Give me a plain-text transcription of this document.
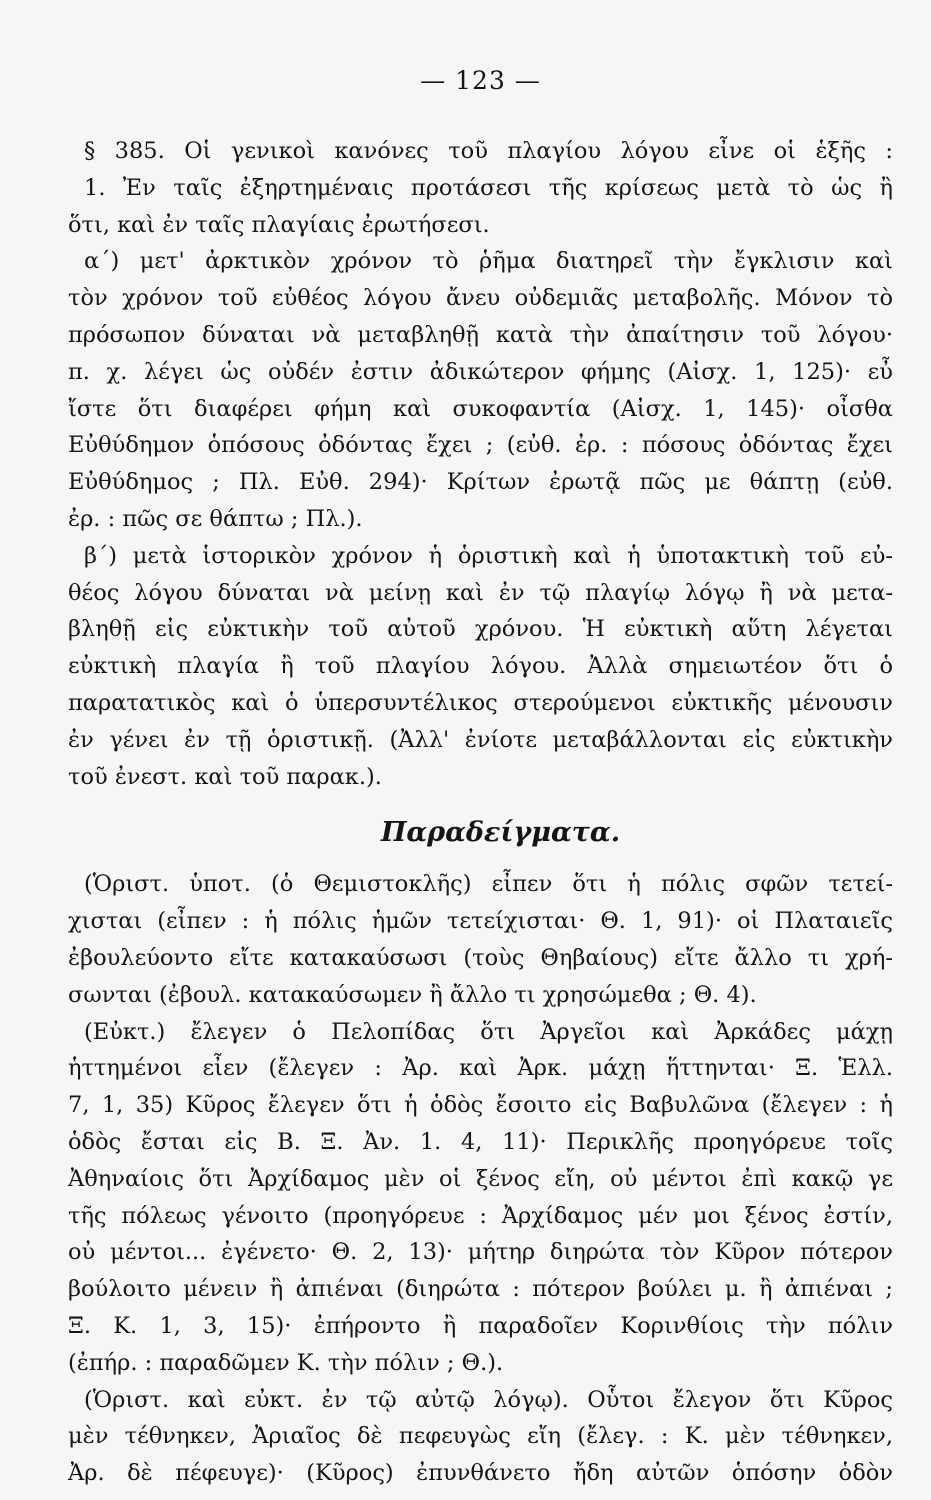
— 123 —

§ 385. Οἱ γενικοὶ κανόνες τοῦ πλαγίου λόγου εἶνε οἱ ἑξῆς :

1. Ἐν ταῖς ἐξηρτημέναις προτάσεσι τῆς κρίσεως μετὰ τὸ ὡς ἢ

ὅτι, καὶ ἐν ταῖς πλαγίαις ἐρωτήσεσι.

α΄) μετ' ἀρκτικὸν χρόνον τὸ ῥῆμα διατηρεῖ τὴν ἔγκλισιν καὶ

τὸν χρόνον τοῦ εὐθέος λόγου ἄνευ οὐδεμιᾶς μεταβολῆς. Μόνον τὸ

πρόσωπον δύναται νὰ μεταβληθῇ κατὰ τὴν ἀπαίτησιν τοῦ λόγου·

π. χ. λέγει ὡς οὐδέν ἐστιν ἀδικώτερον φήμης (Αἰσχ. 1, 125)· εὖ

ἴστε ὅτι διαφέρει φήμη καὶ συκοφαντία (Αἰσχ. 1, 145)· οἶσθα

Εὐθύδημον ὁπόσους ὀδόντας ἔχει ; (εὐθ. ἐρ. : πόσους ὀδόντας ἔχει

Εὐθύδημος ; Πλ. Εὐθ. 294)· Κρίτων ἐρωτᾷ πῶς με θάπτῃ (εὐθ.

ἐρ. : πῶς σε θάπτω ; Πλ.).

β΄) μετὰ ἱστορικὸν χρόνον ἡ ὁριστικὴ καὶ ἡ ὑποτακτικὴ τοῦ εὐ-

θέος λόγου δύναται νὰ μείνῃ καὶ ἐν τῷ πλαγίῳ λόγῳ ἢ νὰ μετα-

βληθῇ εἰς εὐκτικὴν τοῦ αὐτοῦ χρόνου. Ἡ εὐκτικὴ αὕτη λέγεται

εὐκτικὴ πλαγία ἢ τοῦ πλαγίου λόγου. Ἀλλὰ σημειωτέον ὅτι ὁ

παρατατικὸς καὶ ὁ ὑπερσυντέλικος στερούμενοι εὐκτικῆς μένουσιν

ἐν γένει ἐν τῇ ὁριστικῇ. (Ἀλλ' ἐνίοτε μεταβάλλονται εἰς εὐκτικὴν

τοῦ ἐνεστ. καὶ τοῦ παρακ.).

Παραδείγματα.

(Ὁριστ. ὑποτ. (ὁ Θεμιστοκλῆς) εἶπεν ὅτι ἡ πόλις σφῶν τετεί-

χισται (εἶπεν : ἡ πόλις ἡμῶν τετείχισται· Θ. 1, 91)· οἱ Πλαταιεῖς

ἐβουλεύοντο εἴτε κατακαύσωσι (τοὺς Θηβαίους) εἴτε ἄλλο τι χρή-

σωνται (ἐβουλ. κατακαύσωμεν ἢ ἄλλο τι χρησώμεθα ; Θ. 4).

(Εὐκτ.) ἔλεγεν ὁ Πελοπίδας ὅτι Ἀργεῖοι καὶ Ἀρκάδες μάχῃ

ἡττημένοι εἶεν (ἔλεγεν : Ἀρ. καὶ Ἀρκ. μάχῃ ἥττηνται· Ξ. Ἑλλ.

7, 1, 35) Κῦρος ἔλεγεν ὅτι ἡ ὁδὸς ἔσοιτο εἰς Βαβυλῶνα (ἔλεγεν : ἡ

ὁδὸς ἔσται εἰς Β. Ξ. Ἀν. 1. 4, 11)· Περικλῆς προηγόρευε τοῖς

Ἀθηναίοις ὅτι Ἀρχίδαμος μὲν οἱ ξένος εἴη, οὐ μέντοι ἐπὶ κακῷ γε

τῆς πόλεως γένοιτο (προηγόρευε : Ἀρχίδαμος μέν μοι ξένος ἐστίν,

οὐ μέντοι... ἐγένετο· Θ. 2, 13)· μήτηρ διηρώτα τὸν Κῦρον πότερον

βούλοιτο μένειν ἢ ἀπιέναι (διηρώτα : πότερον βούλει μ. ἢ ἀπιέναι ;

Ξ. Κ. 1, 3, 15)· ἐπήροντο ἢ παραδοῖεν Κορινθίοις τὴν πόλιν

(ἐπήρ. : παραδῶμεν Κ. τὴν πόλιν ; Θ.).

(Ὁριστ. καὶ εὐκτ. ἐν τῷ αὐτῷ λόγῳ). Οὗτοι ἔλεγον ὅτι Κῦρος

μὲν τέθνηκεν, Ἀριαῖος δὲ πεφευγὼς εἴη (ἔλεγ. : Κ. μὲν τέθνηκεν,

Ἀρ. δὲ πέφευγε)· (Κῦρος) ἐπυνθάνετο ἤδη αὐτῶν ὁπόσην ὁδὸν
